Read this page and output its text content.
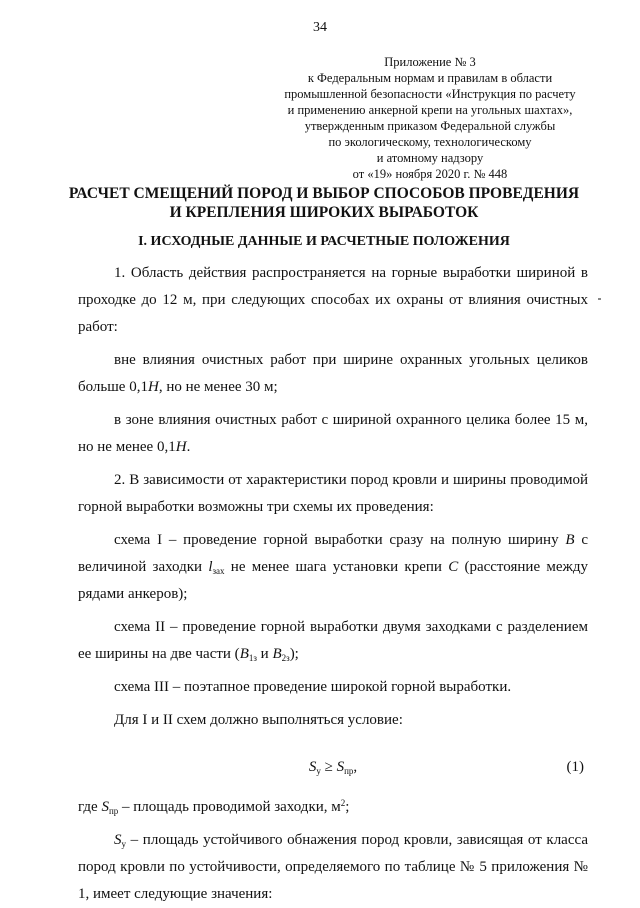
34
Приложение № 3
к Федеральным нормам и правилам в области
промышленной безопасности «Инструкция по расчету
и применению анкерной крепи на угольных шахтах»,
утвержденным приказом Федеральной службы
по экологическому, технологическому
и атомному надзору
от «19» ноября 2020 г. № 448
РАСЧЕТ СМЕЩЕНИЙ ПОРОД И ВЫБОР СПОСОБОВ ПРОВЕДЕНИЯ
И КРЕПЛЕНИЯ ШИРОКИХ ВЫРАБОТОК
I. ИСХОДНЫЕ ДАННЫЕ И РАСЧЕТНЫЕ ПОЛОЖЕНИЯ

1. Область действия распространяется на горные выработки шириной в проходке до 12 м, при следующих способах их охраны от влияния очистных работ:

вне влияния очистных работ при ширине охранных угольных целиков больше 0,1H, но не менее 30 м;

в зоне влияния очистных работ с шириной охранного целика более 15 м, но не менее 0,1H.

2. В зависимости от характеристики пород кровли и ширины проводимой горной выработки возможны три схемы их проведения:

схема I – проведение горной выработки сразу на полную ширину B с величиной заходки $l_{зах}$ не менее шага установки крепи C (расстояние между рядами анкеров);

схема II – проведение горной выработки двумя заходками с разделением ее ширины на две части ($B_{1з}$ и $B_{2з}$);

схема III – поэтапное проведение широкой горной выработки.

Для I и II схем должно выполняться условие:

$S_у \ge S_{пр}$,	(1)

где $S_{пр}$ – площадь проводимой заходки, $м^2$;

$S_у$ – площадь устойчивого обнажения пород кровли, зависящая от класса пород кровли по устойчивости, определяемого по таблице № 5 приложения № 1, имеет следующие значения:
